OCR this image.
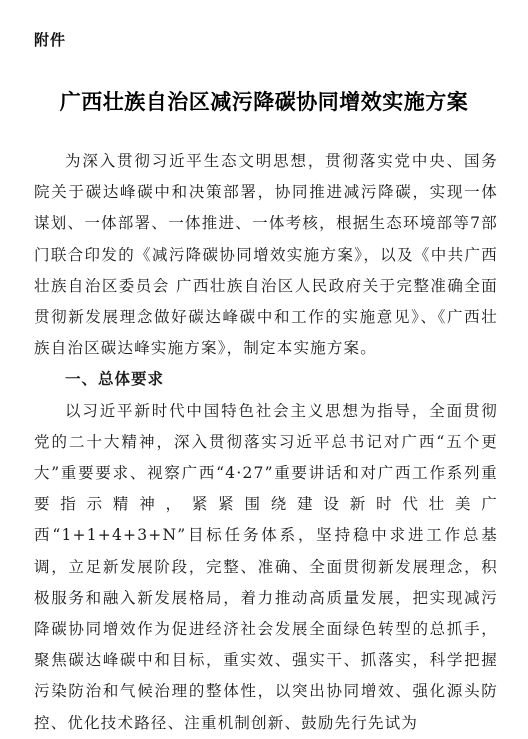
附件
广西壮族自治区减污降碳协同增效实施方案

为深入贯彻习近平生态文明思想，贯彻落实党中央、国务院关于碳达峰碳中和决策部署，协同推进减污降碳，实现一体谋划、一体部署、一体推进、一体考核，根据生态环境部等7部门联合印发的《减污降碳协同增效实施方案》，以及《中共广西壮族自治区委员会 广西壮族自治区人民政府关于完整准确全面贯彻新发展理念做好碳达峰碳中和工作的实施意见》、《广西壮族自治区碳达峰实施方案》，制定本实施方案。

一、总体要求

以习近平新时代中国特色社会主义思想为指导，全面贯彻党的二十大精神，深入贯彻落实习近平总书记对广西“五个更大”重要要求、视察广西“4·27”重要讲话和对广西工作系列重要指示精神，紧紧围绕建设新时代壮美广西“1+1+4+3+N”目标任务体系，坚持稳中求进工作总基调，立足新发展阶段，完整、准确、全面贯彻新发展理念，积极服务和融入新发展格局，着力推动高质量发展，把实现减污降碳协同增效作为促进经济社会发展全面绿色转型的总抓手，聚焦碳达峰碳中和目标，重实效、强实干、抓落实，科学把握污染防治和气候治理的整体性，以突出协同增效、强化源头防控、优化技术路径、注重机制创新、鼓励先行先试为
